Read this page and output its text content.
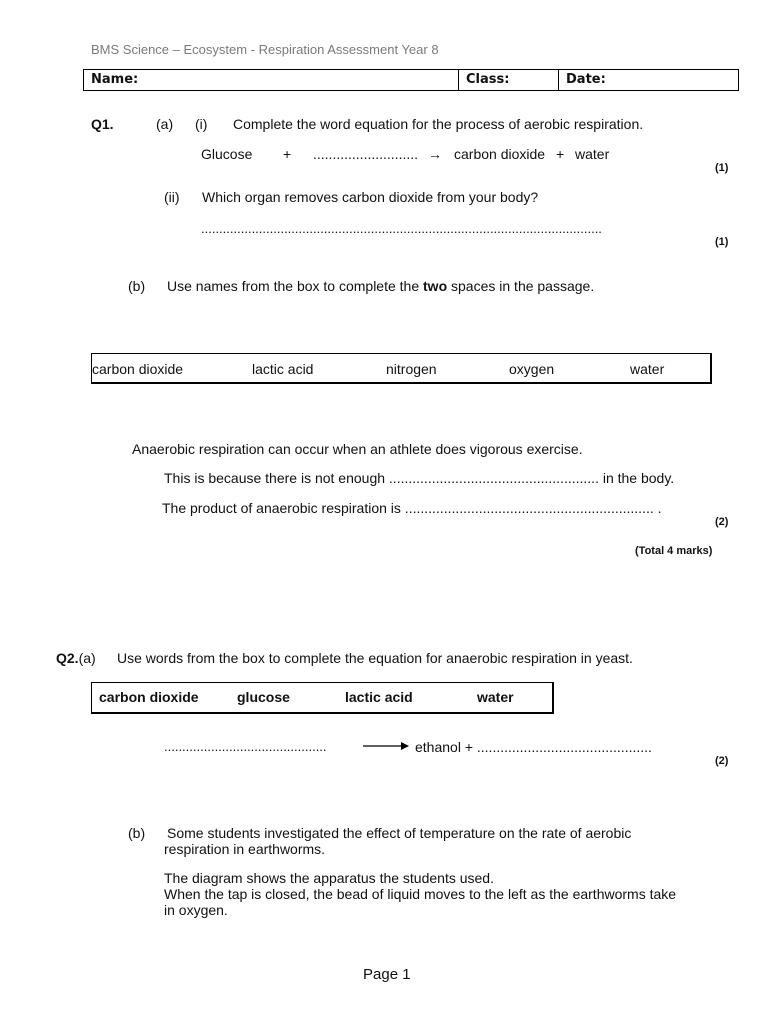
BMS Science – Ecosystem - Respiration Assessment Year 8
Name:	Class:	Date:
Q1.	(a) (i) Complete the word equation for the process of aerobic respiration.
Glucose + ........................... → carbon dioxide + water
(1)
(ii) Which organ removes carbon dioxide from your body?
...............................................................................................................
(1)
(b) Use names from the box to complete the two spaces in the passage.
carbon dioxide	lactic acid	nitrogen	oxygen	water
Anaerobic respiration can occur when an athlete does vigorous exercise.
This is because there is not enough ...................................................... in the body.
The product of anaerobic respiration is ................................................................ .
(2)
(Total 4 marks)
Q2.(a) Use words from the box to complete the equation for anaerobic respiration in yeast.
carbon dioxide	glucose	lactic acid	water
.............................................	ethanol + .............................................
(2)
(b) Some students investigated the effect of temperature on the rate of aerobic
respiration in earthworms.
The diagram shows the apparatus the students used.
When the tap is closed, the bead of liquid moves to the left as the earthworms take
in oxygen.
Page 1
